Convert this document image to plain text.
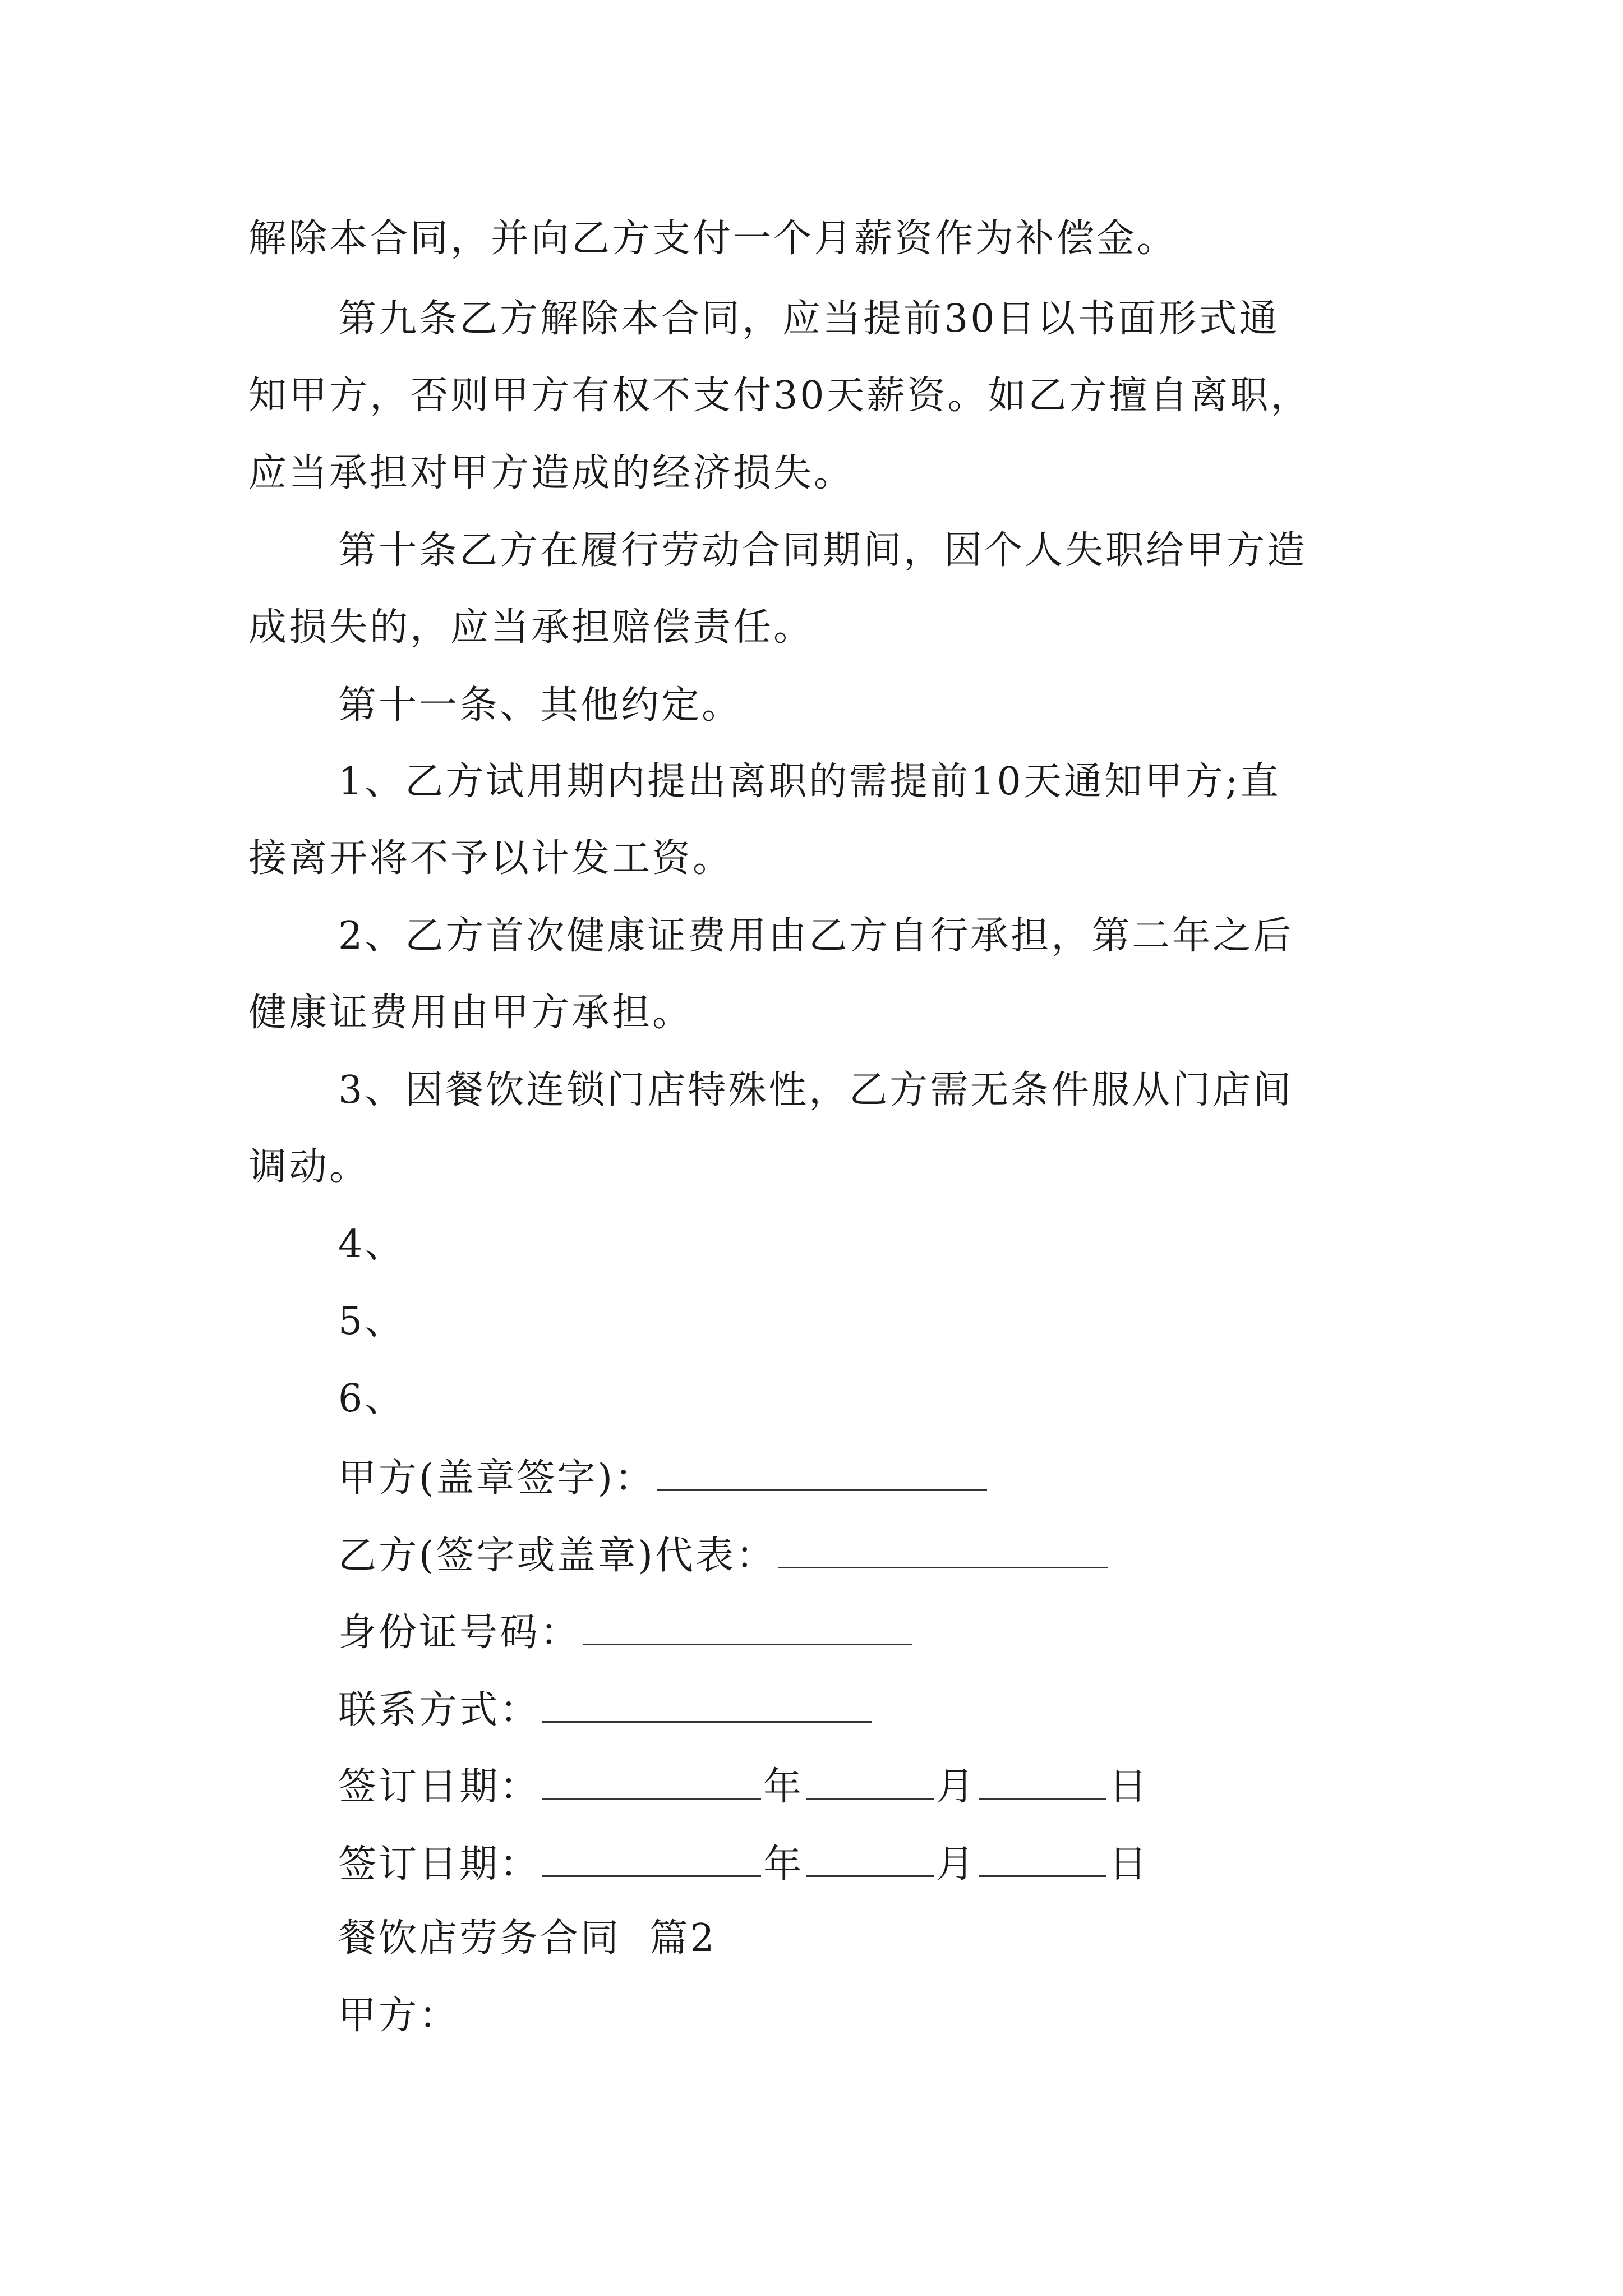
解除本合同，并向乙方支付一个月薪资作为补偿金。
第九条乙方解除本合同，应当提前30日以书面形式通
知甲方，否则甲方有权不支付30天薪资。如乙方擅自离职，
应当承担对甲方造成的经济损失。
第十条乙方在履行劳动合同期间，因个人失职给甲方造
成损失的，应当承担赔偿责任。
第十一条、其他约定。
1、乙方试用期内提出离职的需提前10天通知甲方;直
接离开将不予以计发工资。
2、乙方首次健康证费用由乙方自行承担，第二年之后
健康证费用由甲方承担。
3、因餐饮连锁门店特殊性，乙方需无条件服从门店间
调动。
4、
5、
6、
甲方(盖章签字)：
乙方(签字或盖章)代表：
身份证号码：
联系方式：
签订日期：	年	月	日
签订日期：	年	月	日
餐饮店劳务合同  篇2
甲方：
